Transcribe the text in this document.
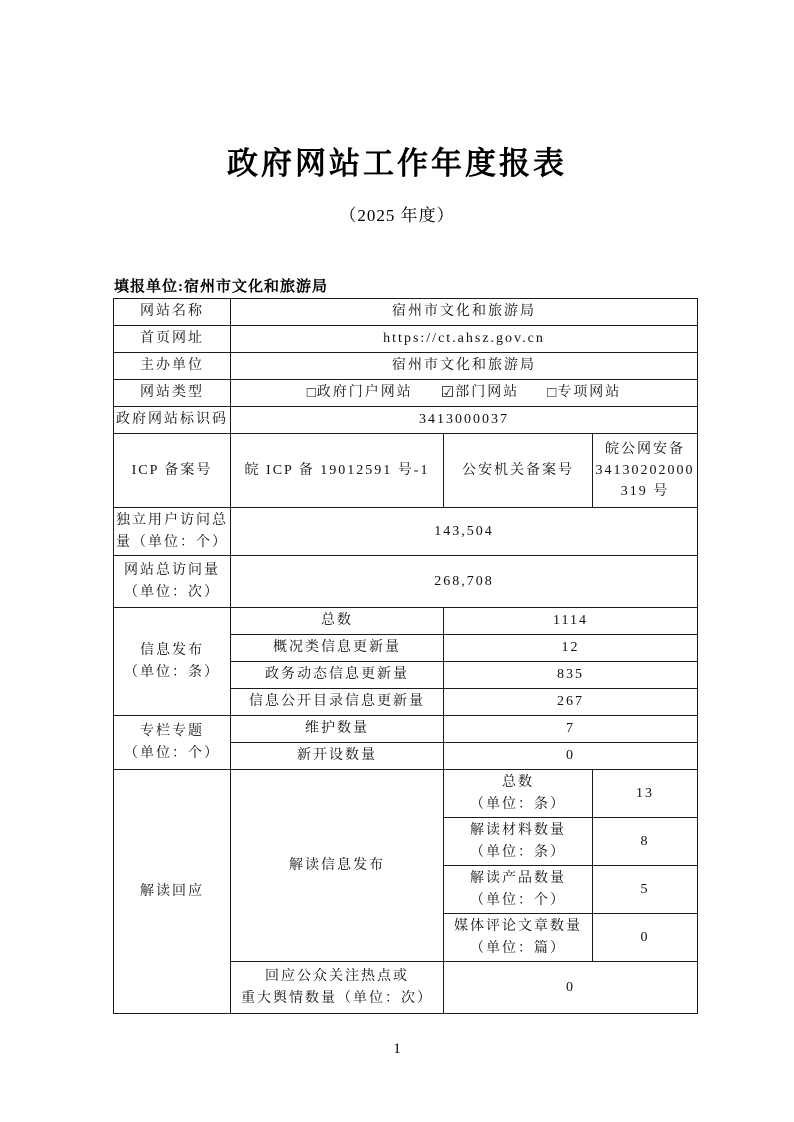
政府网站工作年度报表
（2025 年度）
填报单位:宿州市文化和旅游局
网站名称	宿州市文化和旅游局		
首页网址	https://ct.ahsz.gov.cn		
主办单位	宿州市文化和旅游局		
网站类型	□ 政府门户网站 ☑ 部门网站 □ 专项网站

政府网站标识码	3413000037		
ICP 备案号	皖 ICP 备 19012591 号-1	公安机关备案号	皖公网安备
34130202000
319 号

独立用户访问总
量（单位：个）	143,504		

网站总访问量
（单位：次）	268,708		

信息发布
（单位：条）	总数	1114	
	概况类信息更新量	12	
	政务动态信息更新量	835	
	信息公开目录信息更新量	267	

专栏专题
（单位：个）	维护数量	7	
	新开设数量	0	
解读回应	解读信息发布	总数
（单位：条）	13

		解读材料数量
（单位：条）	8

		解读产品数量
（单位：个）	5

		媒体评论文章数量
（单位：篇）	0

	回应公众关注热点或
重大舆情数量（单位：次）	0	
1
